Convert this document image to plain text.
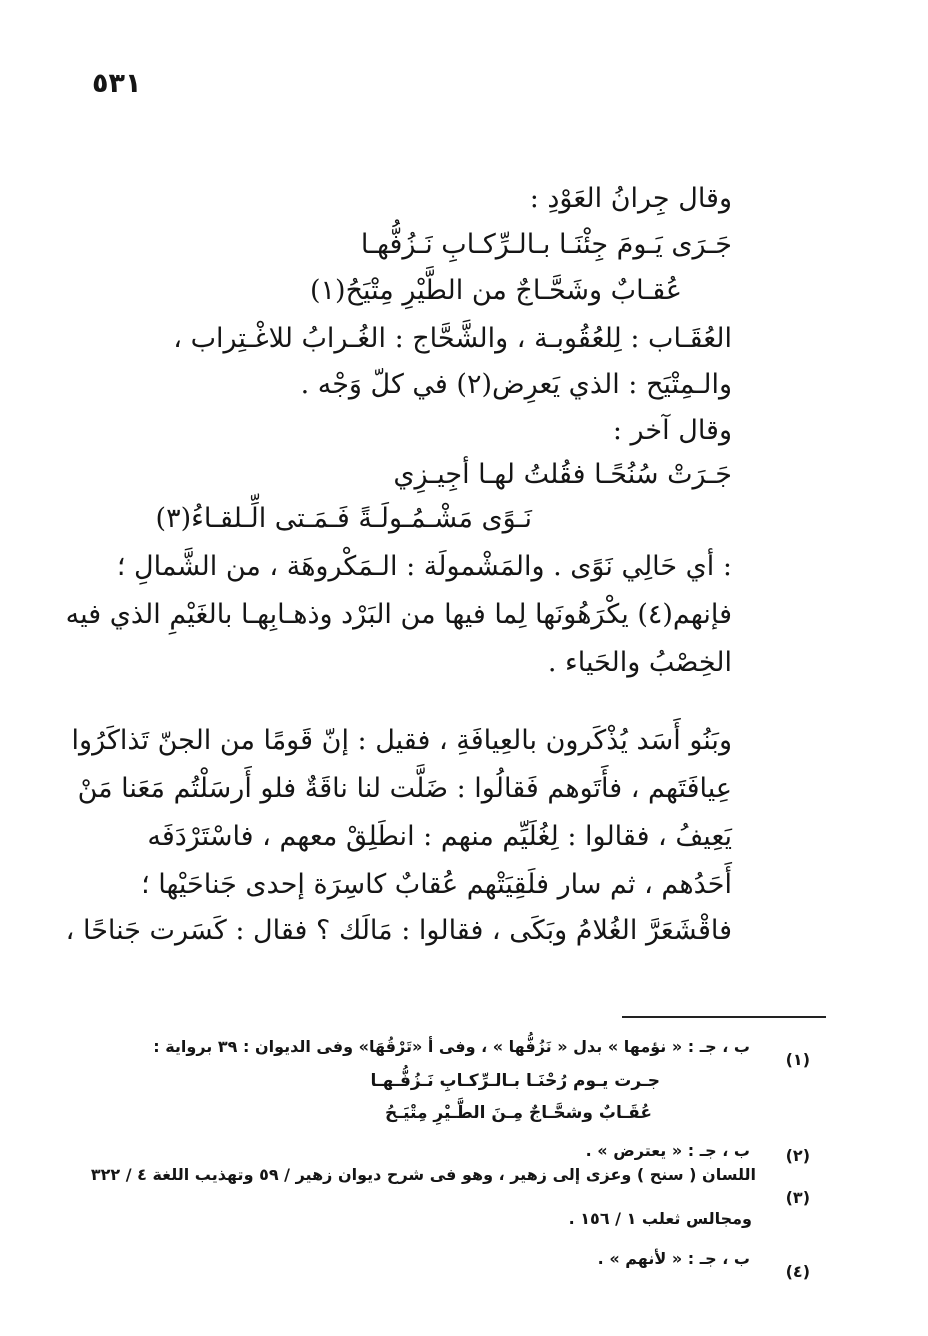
٥٣١
وقال جِرانُ العَوْدِ :
جَـرَى يَـومَ جِئْنَـا بـالـرِّكـابِ نَـزُفُّهـا
عُقـابٌ وشَحَّـاجٌ من الطَّيْرِ مِتْيَحُ(١)
العُقَـاب : لِلعُقُوبـة ، والشَّحَّاج : الغُـرابُ للاغْـتِراب ،
والـمِتْيَح : الذي يَعرِض(٢) في كلّ وَجْه .
وقال آخر :
جَـرَتْ سُنُحًـا فقُلتُ لهـا أجِيـزِي
نَـوًى مَشْـمُـولَـةً فَـمَـتى الِّـلقـاءُ(٣)
: أي حَالِي نَوًى . والمَشْمولَة : الـمَكْروهَة ، من الشَّمالِ ؛
فإنهم(٤) يكْرَهُونَها لِما فيها من البَرْد وذهـابِهـا بالغَيْمِ الذي فيه
الخِصْبُ والحَياء .
وبَنُو أَسَد يُذْكَرون بالعِيافَةِ ، فقيل : إنّ قَومًا من الجنّ تَذاكَرُوا
عِيافَتَهم ، فأَتَوهم فَقالُوا : ضَلَّت لنا ناقَةٌ فلو أَرسَلْتُم مَعَنا مَنْ
يَعِيفُ ، فقالوا : لِغُلَيِّم منهم : انطَلِقْ معهم ، فاسْتَرْدَفَه
أَحَدُهم ، ثم سار فلَقِيَتْهم عُقابٌ كاسِرَة إحدى جَناحَيْها ؛
فاقْشَعَرَّ الغُلامُ وبَكَى ، فقالوا : مَالَك ؟ فقال : كَسَرت جَناحًا ،
(١)
ب ، جـ : « نؤمها » بدل « نَزُفُّها » ، وفى أ «تَرْقُهَا» وفى الديوان : ٣٩ برواية :
جـرت يـوم رُحْنَـا بـالـرِّكـابِ نَـزُفُّـهـا
عُقَـابٌ وشحَّـاجٌ مِـنَ الطَّـيْرِ مِتْيَـحُ
(٢)
ب ، جـ : « يعترض » .
(٣)
اللسان ( سنح ) وعزى إلى زهير ، وهو فى شرح ديوان زهير / ٥٩ وتهذيب اللغة ٤ / ٣٢٢
ومجالس ثعلب ١ / ١٥٦ .
(٤)
ب ، جـ : « لأنهم » .
